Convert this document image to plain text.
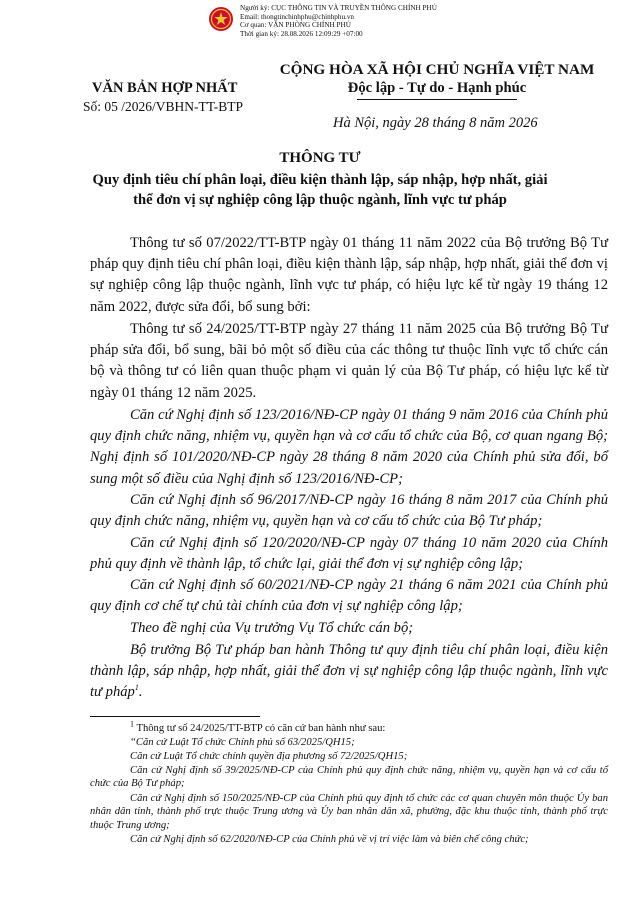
Người ký: CỤC THÔNG TIN VÀ TRUYỀN THÔNG CHÍNH PHỦ
Email: thongtinchinhphu@chinhphu.vn
Cơ quan: VĂN PHÒNG CHÍNH PHỦ
Thời gian ký: 28.08.2026 12:09:29 +07:00
VĂN BẢN HỢP NHẤT
Số: 05 /2026/VBHN-TT-BTP
CỘNG HÒA XÃ HỘI CHỦ NGHĨA VIỆT NAM
Độc lập - Tự do - Hạnh phúc
Hà Nội, ngày 28 tháng 8 năm 2026
THÔNG TƯ
Quy định tiêu chí phân loại, điều kiện thành lập, sáp nhập, hợp nhất, giải
thể đơn vị sự nghiệp công lập thuộc ngành, lĩnh vực tư pháp

Thông tư số 07/2022/TT-BTP ngày 01 tháng 11 năm 2022 của Bộ trưởng Bộ Tư pháp quy định tiêu chí phân loại, điều kiện thành lập, sáp nhập, hợp nhất, giải thể đơn vị sự nghiệp công lập thuộc ngành, lĩnh vực tư pháp, có hiệu lực kể từ ngày 19 tháng 12 năm 2022, được sửa đổi, bổ sung bởi:

Thông tư số 24/2025/TT-BTP ngày 27 tháng 11 năm 2025 của Bộ trưởng Bộ Tư pháp sửa đổi, bổ sung, bãi bỏ một số điều của các thông tư thuộc lĩnh vực tổ chức cán bộ và thông tư có liên quan thuộc phạm vi quản lý của Bộ Tư pháp, có hiệu lực kể từ ngày 01 tháng 12 năm 2025.

Căn cứ Nghị định số 123/2016/NĐ-CP ngày 01 tháng 9 năm 2016 của Chính phủ quy định chức năng, nhiệm vụ, quyền hạn và cơ cấu tổ chức của Bộ, cơ quan ngang Bộ; Nghị định số 101/2020/NĐ-CP ngày 28 tháng 8 năm 2020 của Chính phủ sửa đổi, bổ sung một số điều của Nghị định số 123/2016/NĐ-CP;

Căn cứ Nghị định số 96/2017/NĐ-CP ngày 16 tháng 8 năm 2017 của Chính phủ quy định chức năng, nhiệm vụ, quyền hạn và cơ cấu tổ chức của Bộ Tư pháp;

Căn cứ Nghị định số 120/2020/NĐ-CP ngày 07 tháng 10 năm 2020 của Chính phủ quy định về thành lập, tổ chức lại, giải thể đơn vị sự nghiệp công lập;

Căn cứ Nghị định số 60/2021/NĐ-CP ngày 21 tháng 6 năm 2021 của Chính phủ quy định cơ chế tự chủ tài chính của đơn vị sự nghiệp công lập;

Theo đề nghị của Vụ trưởng Vụ Tổ chức cán bộ;

Bộ trưởng Bộ Tư pháp ban hành Thông tư quy định tiêu chí phân loại, điều kiện thành lập, sáp nhập, hợp nhất, giải thể đơn vị sự nghiệp công lập thuộc ngành, lĩnh vực tư pháp$^1$.

$^1$ Thông tư số 24/2025/TT-BTP có căn cứ ban hành như sau:

“Căn cứ Luật Tổ chức Chính phủ số 63/2025/QH15;

Căn cứ Luật Tổ chức chính quyền địa phương số 72/2025/QH15;

Căn cứ Nghị định số 39/2025/NĐ-CP của Chính phủ quy định chức năng, nhiệm vụ, quyền hạn và cơ cấu tổ chức của Bộ Tư pháp;

Căn cứ Nghị định số 150/2025/NĐ-CP của Chính phủ quy định tổ chức các cơ quan chuyên môn thuộc Ủy ban nhân dân tỉnh, thành phố trực thuộc Trung ương và Ủy ban nhân dân xã, phường, đặc khu thuộc tỉnh, thành phố trực thuộc Trung ương;

Căn cứ Nghị định số 62/2020/NĐ-CP của Chính phủ về vị trí việc làm và biên chế công chức;
